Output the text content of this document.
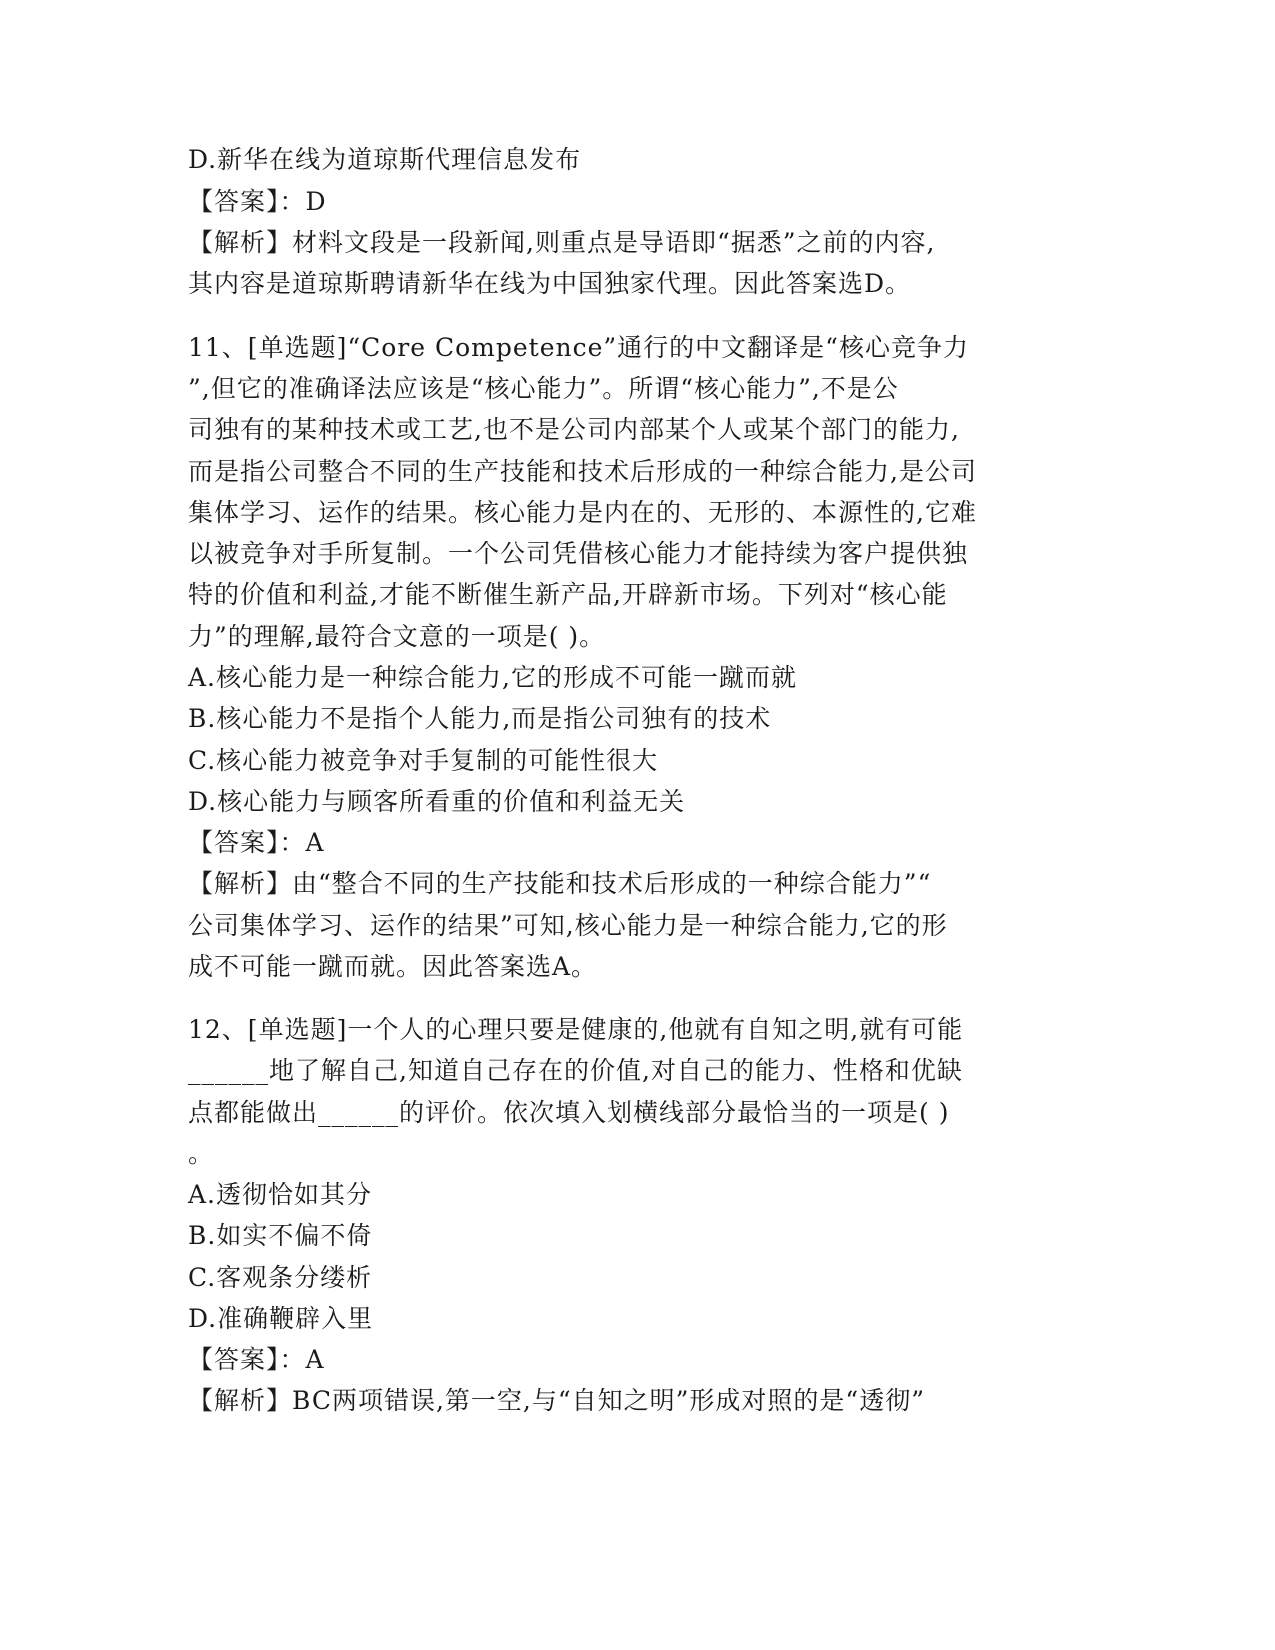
D.新华在线为道琼斯代理信息发布
【答案】：D
【解析】材料文段是一段新闻,则重点是导语即“据悉”之前的内容,
其内容是道琼斯聘请新华在线为中国独家代理。因此答案选D。
11、[单选题]“Core Competence”通行的中文翻译是“核心竞争力
”,但它的准确译法应该是“核心能力”。所谓“核心能力”,不是公
司独有的某种技术或工艺,也不是公司内部某个人或某个部门的能力,
而是指公司整合不同的生产技能和技术后形成的一种综合能力,是公司
集体学习、运作的结果。核心能力是内在的、无形的、本源性的,它难
以被竞争对手所复制。一个公司凭借核心能力才能持续为客户提供独
特的价值和利益,才能不断催生新产品,开辟新市场。下列对“核心能
力”的理解,最符合文意的一项是( )。
A.核心能力是一种综合能力,它的形成不可能一蹴而就
B.核心能力不是指个人能力,而是指公司独有的技术
C.核心能力被竞争对手复制的可能性很大
D.核心能力与顾客所看重的价值和利益无关
【答案】：A
【解析】由“整合不同的生产技能和技术后形成的一种综合能力”“
公司集体学习、运作的结果”可知,核心能力是一种综合能力,它的形
成不可能一蹴而就。因此答案选A。
12、[单选题]一个人的心理只要是健康的,他就有自知之明,就有可能
______地了解自己,知道自己存在的价值,对自己的能力、性格和优缺
点都能做出______的评价。依次填入划横线部分最恰当的一项是( )
。
A.透彻恰如其分
B.如实不偏不倚
C.客观条分缕析
D.准确鞭辟入里
【答案】：A
【解析】BC两项错误,第一空,与“自知之明”形成对照的是“透彻”
